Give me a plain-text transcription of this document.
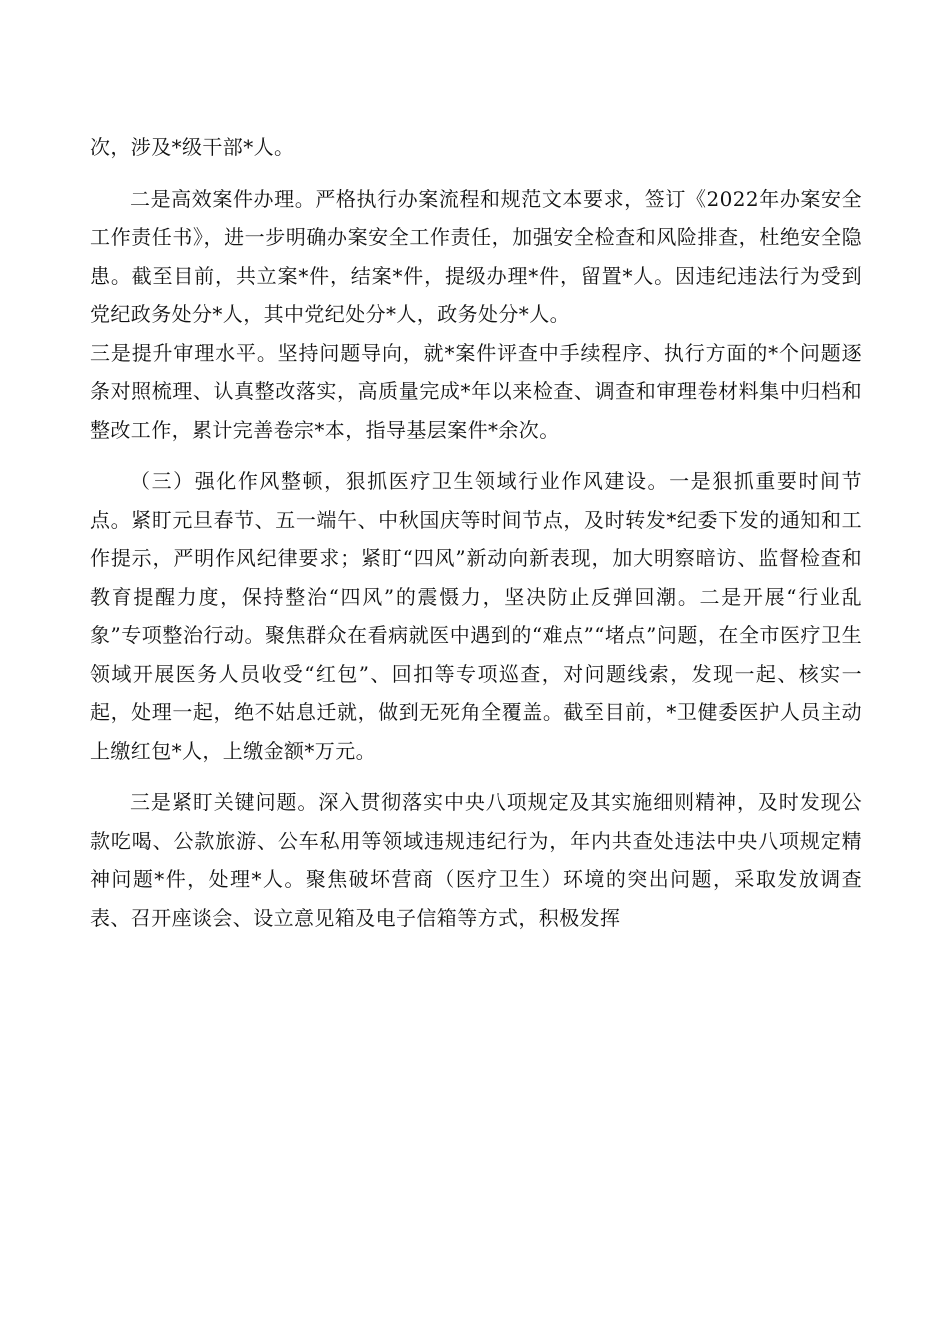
次，涉及*级干部*人。

二是高效案件办理。严格执行办案流程和规范文本要求，签订《2022年办案安全工作责任书》，进一步明确办案安全工作责任，加强安全检查和风险排查，杜绝安全隐患。截至目前，共立案*件，结案*件，提级办理*件，留置*人。因违纪违法行为受到党纪政务处分*人，其中党纪处分*人，政务处分*人。

三是提升审理水平。坚持问题导向，就*案件评查中手续程序、执行方面的*个问题逐条对照梳理、认真整改落实，高质量完成*年以来检查、调查和审理卷材料集中归档和整改工作，累计完善卷宗*本，指导基层案件*余次。

（三）强化作风整顿，狠抓医疗卫生领域行业作风建设。一是狠抓重要时间节点。紧盯元旦春节、五一端午、中秋国庆等时间节点，及时转发*纪委下发的通知和工作提示，严明作风纪律要求；紧盯“四风”新动向新表现，加大明察暗访、监督检查和教育提醒力度，保持整治“四风”的震慑力，坚决防止反弹回潮。二是开展“行业乱象”专项整治行动。聚焦群众在看病就医中遇到的“难点”“堵点”问题，在全市医疗卫生领域开展医务人员收受“红包”、回扣等专项巡查，对问题线索，发现一起、核实一起，处理一起，绝不姑息迁就，做到无死角全覆盖。截至目前，*卫健委医护人员主动上缴红包*人，上缴金额*万元。

三是紧盯关键问题。深入贯彻落实中央八项规定及其实施细则精神，及时发现公款吃喝、公款旅游、公车私用等领域违规违纪行为，年内共查处违法中央八项规定精神问题*件，处理*人。聚焦破坏营商（医疗卫生）环境的突出问题，采取发放调查表、召开座谈会、设立意见箱及电子信箱等方式，积极发挥
